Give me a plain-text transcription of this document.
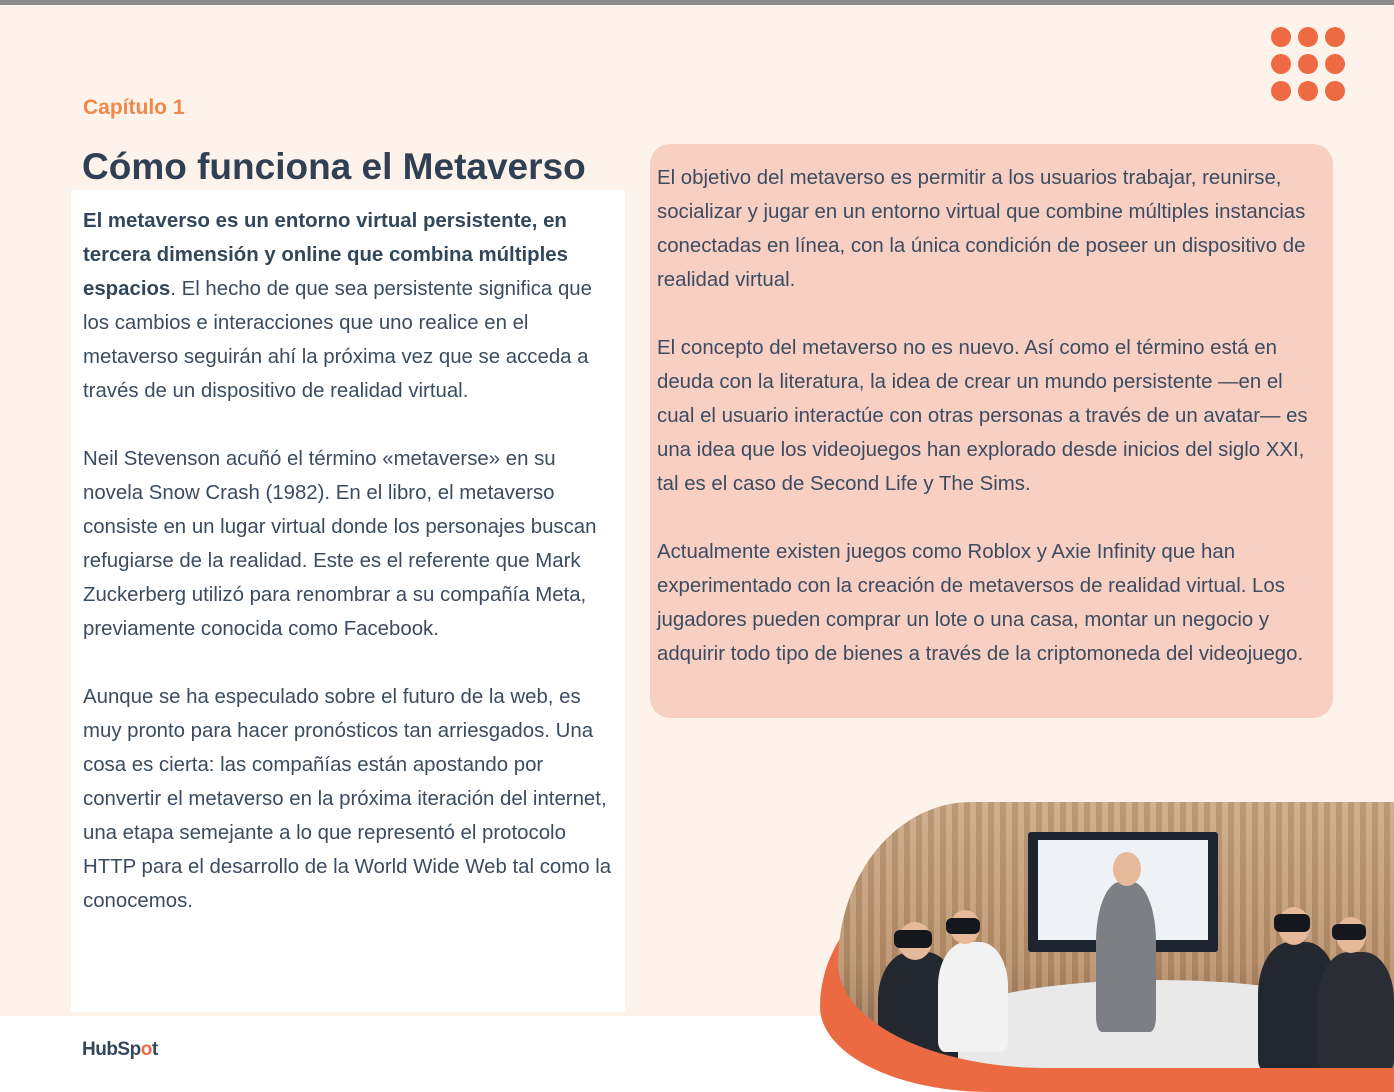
Capítulo 1
Cómo funciona el Metaverso

El metaverso es un entorno virtual persistente, en tercera dimensión y online que combina múltiples espacios. El hecho de que sea persistente significa que los cambios e interacciones que uno realice en el metaverso seguirán ahí la próxima vez que se acceda a través de un dispositivo de realidad virtual.

Neil Stevenson acuñó el término «metaverse» en su novela Snow Crash (1982). En el libro, el metaverso consiste en un lugar virtual donde los personajes buscan refugiarse de la realidad. Este es el referente que Mark Zuckerberg utilizó para renombrar a su compañía Meta, previamente conocida como Facebook.

Aunque se ha especulado sobre el futuro de la web, es muy pronto para hacer pronósticos tan arriesgados. Una cosa es cierta: las compañías están apostando por convertir el metaverso en la próxima iteración del internet, una etapa semejante a lo que representó el protocolo HTTP para el desarrollo de la World Wide Web tal como la conocemos.

El objetivo del metaverso es permitir a los usuarios trabajar, reunirse, socializar y jugar en un entorno virtual que combine múltiples instancias conectadas en línea, con la única condición de poseer un dispositivo de realidad virtual.

El concepto del metaverso no es nuevo. Así como el término está en deuda con la literatura, la idea de crear un mundo persistente —en el cual el usuario interactúe con otras personas a través de un avatar— es una idea que los videojuegos han explorado desde inicios del siglo XXI, tal es el caso de Second Life y The Sims.

Actualmente existen juegos como Roblox y Axie Infinity que han experimentado con la creación de metaversos de realidad virtual. Los jugadores pueden comprar un lote o una casa, montar un negocio y adquirir todo tipo de bienes a través de la criptomoneda del videojuego.

HubSpot
